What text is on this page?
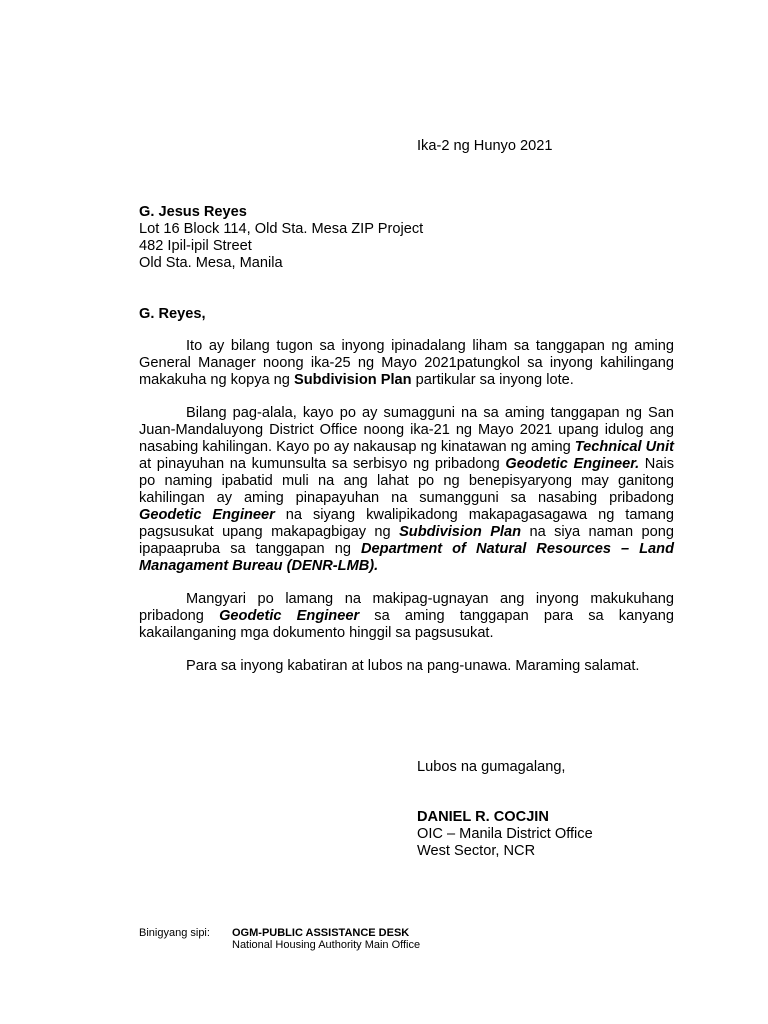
Ika-2 ng Hunyo 2021
G. Jesus Reyes
Lot 16 Block 114, Old Sta. Mesa ZIP Project
482 Ipil-ipil Street
Old Sta. Mesa, Manila
G. Reyes,

Ito ay bilang tugon sa inyong ipinadalang liham sa tanggapan ng aming General Manager noong ika-25 ng Mayo 2021patungkol sa inyong kahilingang makakuha ng kopya ng Subdivision Plan partikular sa inyong lote.

Bilang pag-alala, kayo po ay sumagguni na sa aming tanggapan ng San Juan-Mandaluyong District Office noong ika-21 ng Mayo 2021 upang idulog ang nasabing kahilingan. Kayo po ay nakausap ng kinatawan ng aming Technical Unit at pinayuhan na kumunsulta sa serbisyo ng pribadong Geodetic Engineer. Nais po naming ipabatid muli na ang lahat po ng benepisyaryong may ganitong kahilingan ay aming pinapayuhan na sumangguni sa nasabing pribadong Geodetic Engineer na siyang kwalipikadong makapagasagawa ng tamang pagsusukat upang makapagbigay ng Subdivision Plan na siya naman pong ipapaapruba sa tanggapan ng Department of Natural Resources – Land Managament Bureau (DENR-LMB).

Mangyari po lamang na makipag-ugnayan ang inyong makukuhang pribadong Geodetic Engineer sa aming tanggapan para sa kanyang kakailanganing mga dokumento hinggil sa pagsusukat.

Para sa inyong kabatiran at lubos na pang-unawa. Maraming salamat.

Lubos na gumagalang,
DANIEL R. COCJIN
OIC – Manila District Office
West Sector, NCR
Binigyang sipi: OGM-PUBLIC ASSISTANCE DESK
National Housing Authority Main Office
